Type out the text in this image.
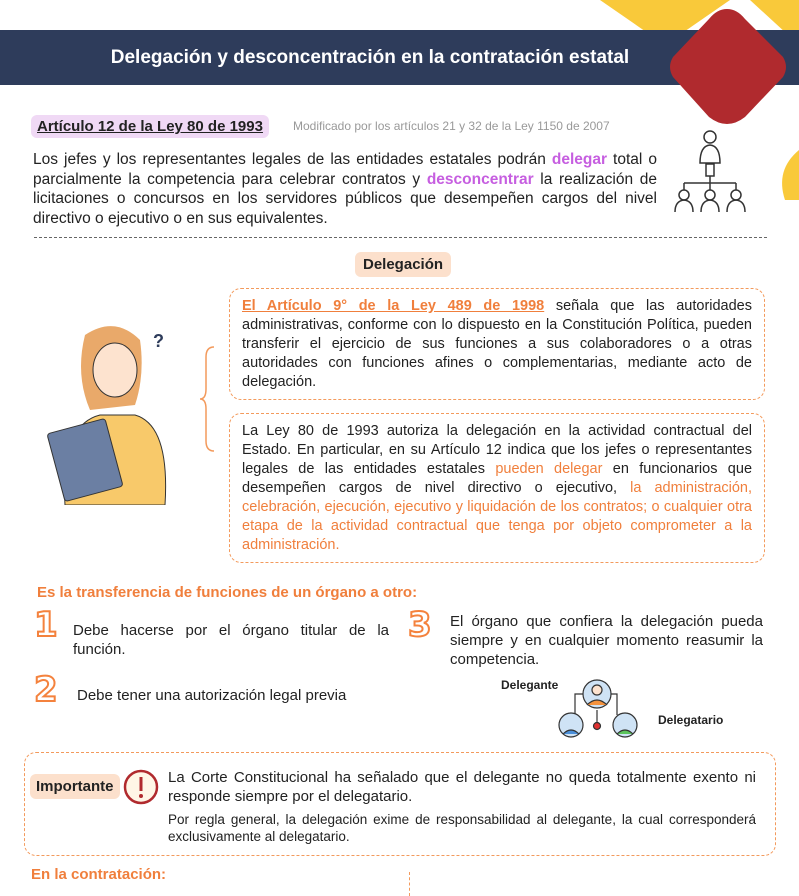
Delegación y desconcentración en la contratación estatal
Artículo 12 de la Ley 80 de 1993	Modificado por los artículos 21 y 32 de la Ley 1150 de 2007
Los jefes y los representantes legales de las entidades estatales podrán delegar total o parcialmente la competencia para celebrar contratos y desconcentrar la realización de licitaciones o concursos en los servidores públicos que desempeñen cargos del nivel directivo o ejecutivo o en sus equivalentes.
Delegación
?
El Artículo 9° de la Ley 489 de 1998 señala que las autoridades administrativas, conforme con lo dispuesto en la Constitución Política, pueden transferir el ejercicio de sus funciones a sus colaboradores o a otras autoridades con funciones afines o complementarias, mediante acto de delegación.
La Ley 80 de 1993 autoriza la delegación en la actividad contractual del Estado. En particular, en su Artículo 12 indica que los jefes o representantes legales de las entidades estatales pueden delegar en funcionarios que desempeñen cargos de nivel directivo o ejecutivo, la administración, celebración, ejecución, ejecutivo y liquidación de los contratos; o cualquier otra etapa de la actividad contractual que tenga por objeto comprometer a la administración.
Es la transferencia de funciones de un órgano a otro:
1 Debe hacerse por el órgano titular de la función.
2 Debe tener una autorización legal previa
3 El órgano que confiera la delegación pueda siempre y en cualquier momento reasumir la competencia.
Delegante
Delegatario
Importante
La Corte Constitucional ha señalado que el delegante no queda totalmente exento ni responde siempre por el delegatario.
Por regla general, la delegación exime de responsabilidad al delegante, la cual corresponderá exclusivamente al delegatario.
En la contratación:
